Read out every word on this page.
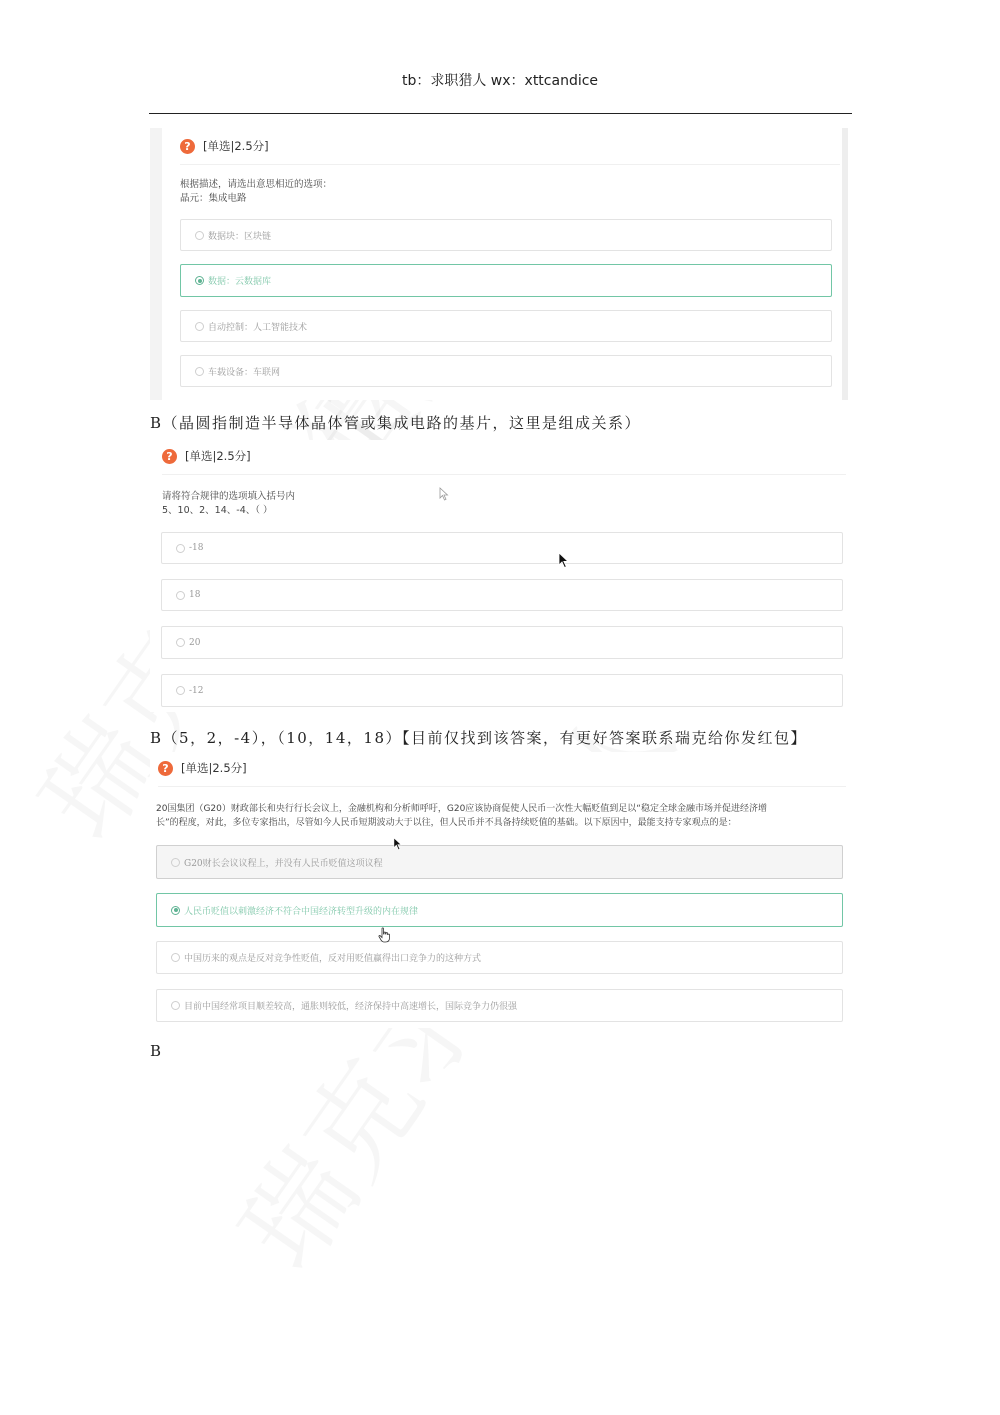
tb：求职猎人 wx：xttcandice
?	[单选|2.5分]
根据描述，请选出意思相近的选项：
晶元：集成电路
数据块：区块链
数据：云数据库
自动控制：人工智能技术
车载设备：车联网
B（晶圆指制造半导体晶体管或集成电路的基片，这里是组成关系）
?	[单选|2.5分]
请将符合规律的选项填入括号内
5、10、2、14、-4、（ ）
-18
18
20
-12
B（5，2，-4），（10，14，18）【目前仅找到该答案，有更好答案联系瑞克给你发红包】
?	[单选|2.5分]
20国集团（G20）财政部长和央行行长会议上，金融机构和分析师呼吁，G20应该协商促使人民币一次性大幅贬值到足以“稳定全球金融市场并促进经济增
长”的程度，对此，多位专家指出，尽管如今人民币短期波动大于以往，但人民币并不具备持续贬值的基础。以下原因中，最能支持专家观点的是：
G20财长会议议程上，并没有人民币贬值这项议程
人民币贬值以刺激经济不符合中国经济转型升级的内在规律
中国历来的观点是反对竞争性贬值，反对用贬值赢得出口竞争力的这种方式
目前中国经常项目顺差较高，通胀则较低，经济保持中高速增长，国际竞争力仍很强
B
